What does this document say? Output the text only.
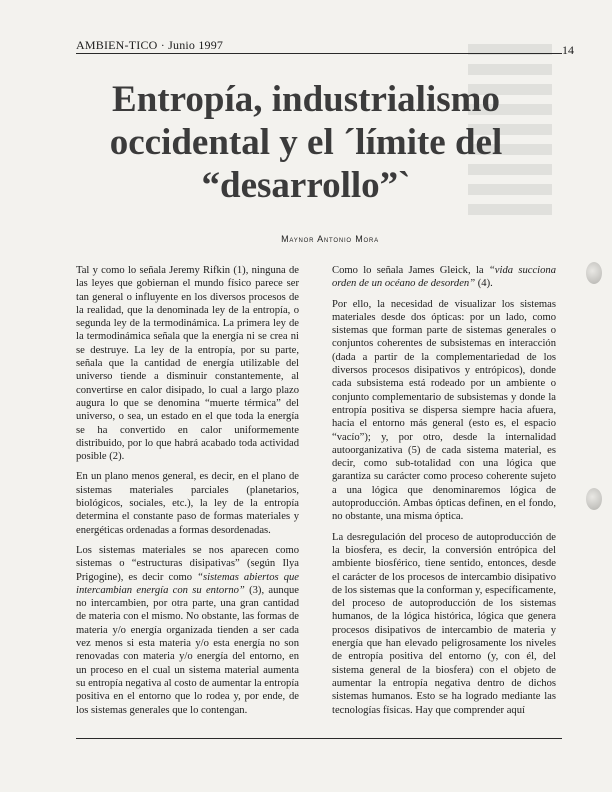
AMBIEN-TICO · Junio 1997	14
Entropía, industrialismo
occidental y el ´límite del
“desarrollo”`
Maynor Antonio Mora

Tal y como lo señala Jeremy Rifkin (1), ninguna de las leyes que gobiernan el mundo físico parece ser tan general o influyente en los diversos procesos de la realidad, que la denominada ley de la entropía, o segunda ley de la termodinámica. La primera ley de la termodinámica señala que la energía ni se crea ni se destruye. La ley de la entropía, por su parte, señala que la cantidad de energía utilizable del universo tiende a disminuir constantemente, al convertirse en calor disipado, lo cual a largo plazo augura lo que se denomina “muerte térmica” del universo, o sea, un estado en el que toda la energía se ha convertido en calor uniformemente distribuido, por lo que habrá acabado toda actividad posible (2).

En un plano menos general, es decir, en el plano de sistemas materiales parciales (planetarios, biológicos, sociales, etc.), la ley de la entropía determina el constante paso de formas materiales y energéticas ordenadas a formas desordenadas.

Los sistemas materiales se nos aparecen como sistemas o “estructuras disipativas” (según Ilya Prigogine), es decir como “sistemas abiertos que intercambian energía con su entorno” (3), aunque no intercambien, por otra parte, una gran cantidad de materia con el mismo. No obstante, las formas de materia y/o energía organizada tienden a ser cada vez menos si esta materia y/o esta energía no son renovadas con materia y/o energía del entorno, en un proceso en el cual un sistema material aumenta su entropía negativa al costo de aumentar la entropía positiva en el entorno que lo rodea y, por ende, de los sistemas generales que lo contengan.

Como lo señala James Gleick, la “vida succiona orden de un océano de desorden” (4).

Por ello, la necesidad de visualizar los sistemas materiales desde dos ópticas: por un lado, como sistemas que forman parte de sistemas generales o conjuntos coherentes de subsistemas en interacción (dada a partir de la complementariedad de los diversos procesos disipativos y entrópicos), donde cada subsistema está rodeado por un ambiente o conjunto complementario de subsistemas y donde la entropía positiva se dispersa siempre hacia afuera, hacia el entorno más general (esto es, el espacio “vacío”); y, por otro, desde la internalidad autoorganizativa (5) de cada sistema material, es decir, como sub-totalidad con una lógica que garantiza su carácter como proceso coherente sujeto a una lógica que denominaremos lógica de autoproducción. Ambas ópticas definen, en el fondo, no obstante, una misma óptica.

La desregulación del proceso de autoproducción de la biosfera, es decir, la conversión entrópica del ambiente biosférico, tiene sentido, entonces, desde el carácter de los procesos de intercambio disipativo de los sistemas que la conforman y, específicamente, del proceso de autoproducción de los sistemas humanos, de la lógica histórica, lógica que genera procesos disipativos de intercambio de materia y energía que han elevado peligrosamente los niveles de entropía positiva del entorno (y, con él, del sistema general de la biosfera) con el objeto de aumentar la entropía negativa dentro de dichos sistemas humanos. Esto se ha logrado mediante las tecnologías físicas. Hay que comprender aquí
